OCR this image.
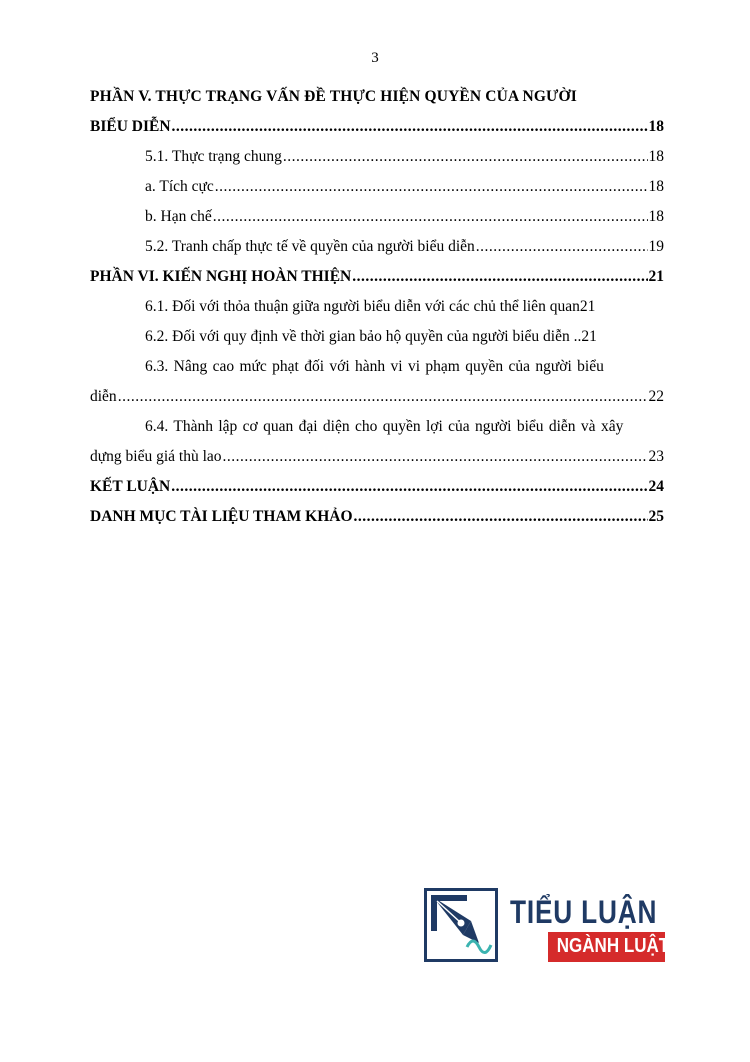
3
PHẦN V. THỰC TRẠNG VẤN ĐỀ THỰC HIỆN QUYỀN CỦA NGƯỜI
BIỂU DIỄN .....	18
5.1. Thực trạng chung .....	18
a. Tích cực .....	18
b. Hạn chế .....	18
5.2. Tranh chấp thực tế về quyền của người biểu diễn .....	19
PHẦN VI. KIẾN NGHỊ HOÀN THIỆN .....	21
6.1. Đối với thỏa thuận giữa người biểu diễn với các chủ thể liên quan 21
6.2. Đối với quy định về thời gian bảo hộ quyền của người biểu diễn .. 21
6.3. Nâng cao mức phạt đối với hành vi vi phạm quyền của người biểu
diễn .....	22
6.4. Thành lập cơ quan đại diện cho quyền lợi của người biểu diễn và xây
dựng biểu giá thù lao .....	23
KẾT LUẬN .....	24
DANH MỤC TÀI LIỆU THAM KHẢO .....	25
TIỂU LUẬN
NGÀNH LUẬT
